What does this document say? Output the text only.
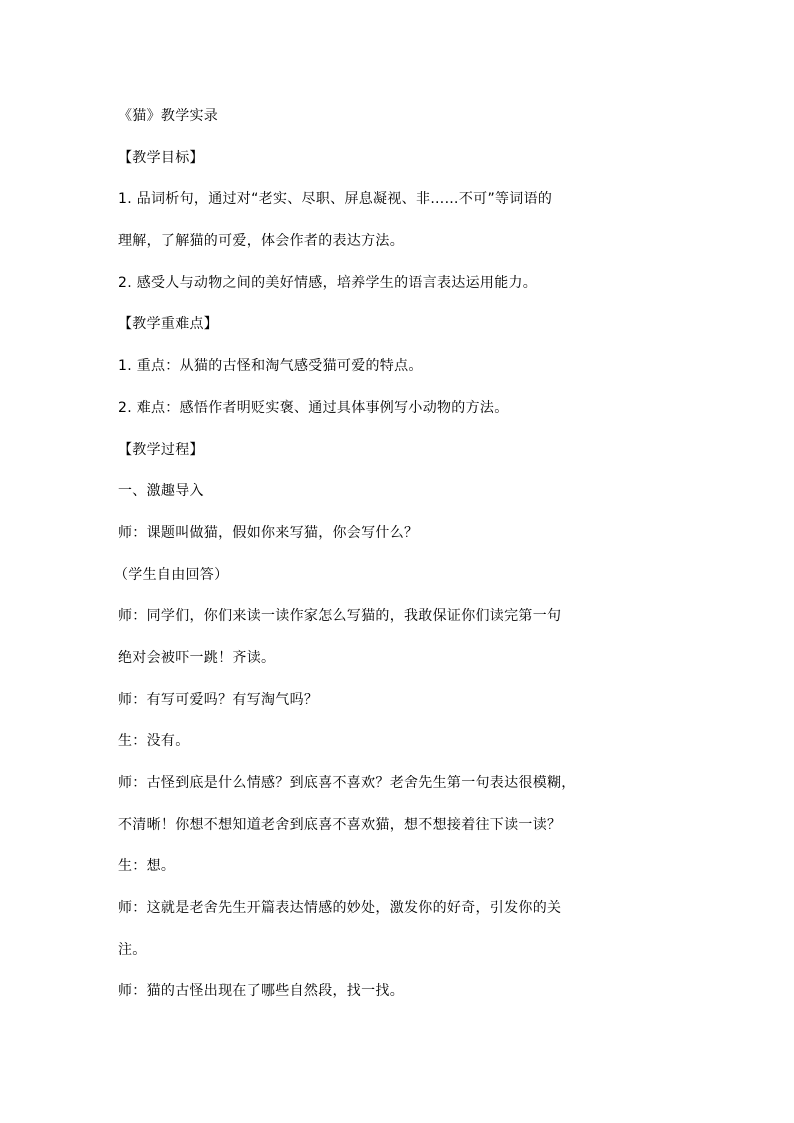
《猫》教学实录
【教学目标】
1. 品词析句，通过对“老实、尽职、屏息凝视、非……不可”等词语的
理解，了解猫的可爱，体会作者的表达方法。
2. 感受人与动物之间的美好情感，培养学生的语言表达运用能力。
【教学重难点】
1. 重点：从猫的古怪和淘气感受猫可爱的特点。
2. 难点：感悟作者明贬实褒、通过具体事例写小动物的方法。
【教学过程】
一、激趣导入
师：课题叫做猫，假如你来写猫，你会写什么？
（学生自由回答）
师：同学们，你们来读一读作家怎么写猫的，我敢保证你们读完第一句
绝对会被吓一跳！齐读。
师：有写可爱吗？有写淘气吗？
生：没有。
师：古怪到底是什么情感？到底喜不喜欢？老舍先生第一句表达很模糊，
不清晰！你想不想知道老舍到底喜不喜欢猫，想不想接着往下读一读？
生：想。
师：这就是老舍先生开篇表达情感的妙处，激发你的好奇，引发你的关
注。
师：猫的古怪出现在了哪些自然段，找一找。
